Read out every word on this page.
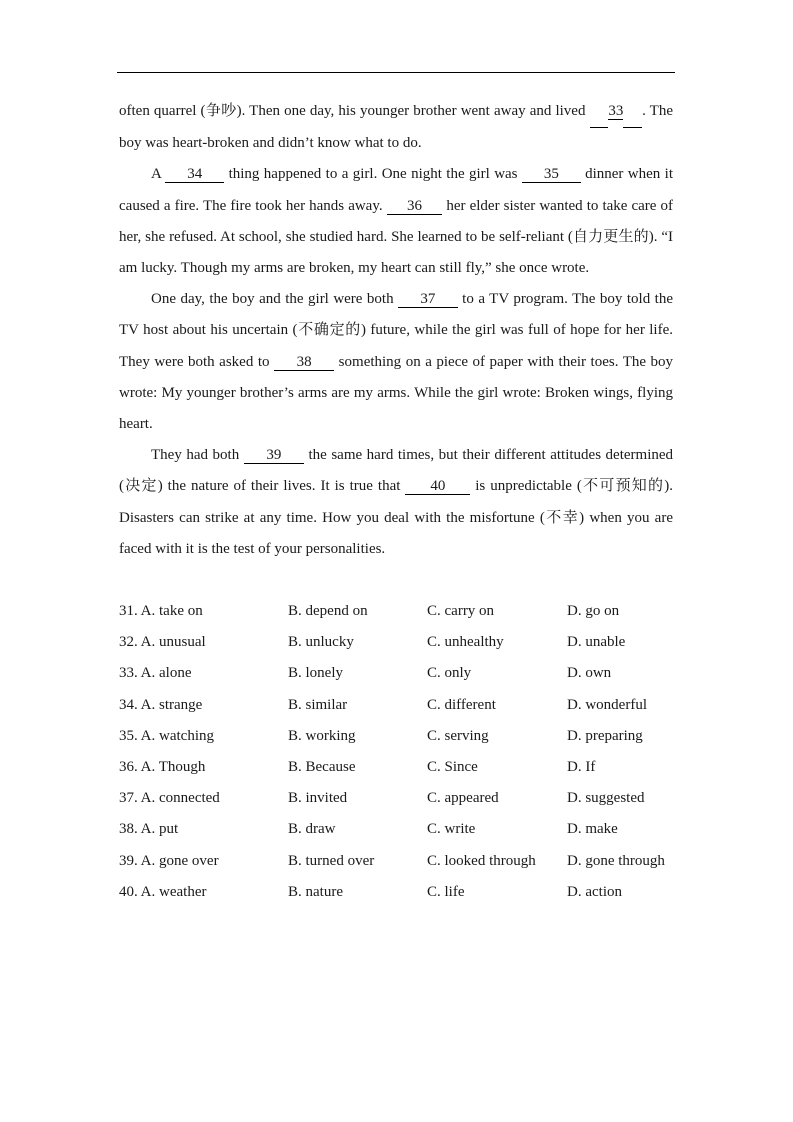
often quarrel (争吵). Then one day, his younger brother went away and lived      33 . The boy was heart-broken and didn’t know what to do.

A      34      thing happened to a girl. One night the girl was      35      dinner when it caused a fire. The fire took her hands away.      36      her elder sister wanted to take care of her, she refused. At school, she studied hard. She learned to be self-reliant (自力更生的). “I am lucky. Though my arms are broken, my heart can still fly,” she once wrote.

One day, the boy and the girl were both      37      to a TV program. The boy told the TV host about his uncertain (不确定的) future, while the girl was full of hope for her life. They were both asked to      38      something on a piece of paper with their toes. The boy wrote: My younger brother’s arms are my arms. While the girl wrote: Broken wings, flying heart.

They had both      39      the same hard times, but their different attitudes determined (决定) the nature of their lives. It is true that      40      is unpredictable (不可预知的). Disasters can strike at any time. How you deal with the misfortune (不幸) when you are faced with it is the test of your personalities.

31. A. take on	B. depend on	C. carry on	D. go on
32. A. unusual	B. unlucky	C. unhealthy	D. unable
33. A. alone	B. lonely	C. only	D. own
34. A. strange	B. similar	C. different	D. wonderful
35. A. watching	B. working	C. serving	D. preparing
36. A. Though	B. Because	C. Since	D. If
37. A. connected	B. invited	C. appeared	D. suggested
38. A. put	B. draw	C. write	D. make
39. A. gone over	B. turned over	C. looked through D. gone through
40. A. weather	B. nature	C. life	D. action
